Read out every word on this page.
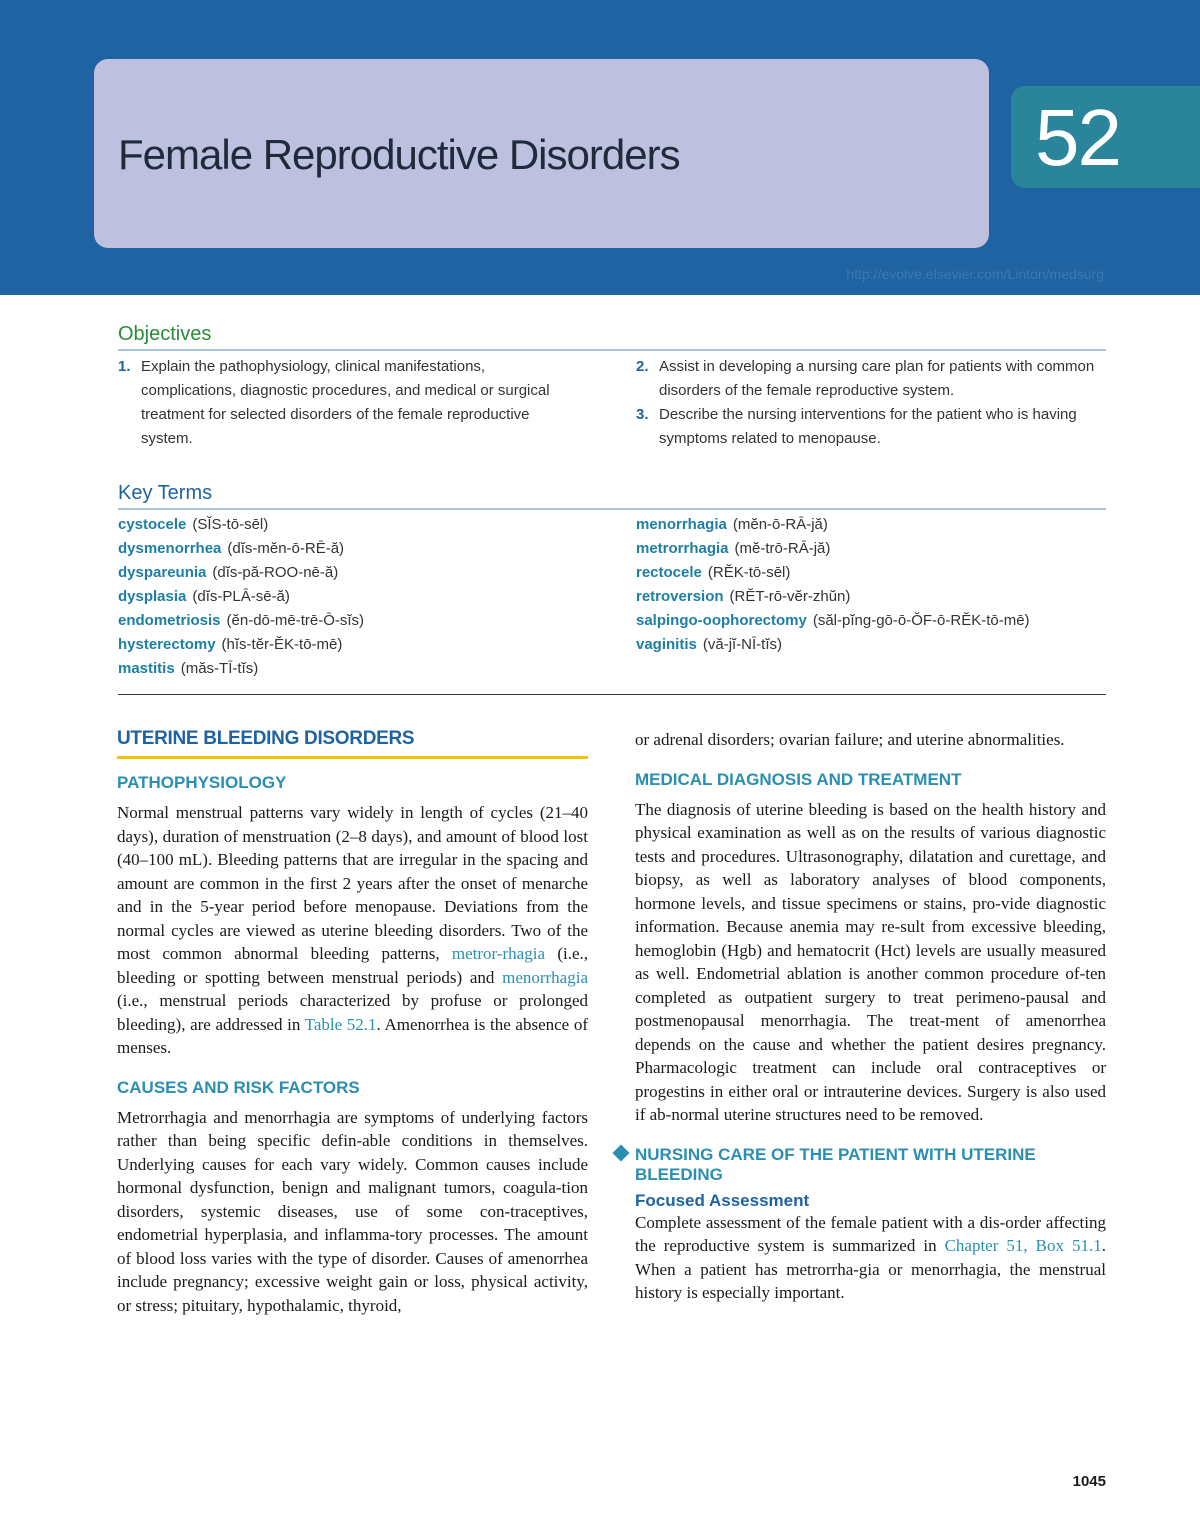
Female Reproductive Disorders	52
http://evolve.elsevier.com/Linton/medsurg
Objectives
1. Explain the pathophysiology, clinical manifestations, complications, diagnostic procedures, and medical or surgical treatment for selected disorders of the female reproductive system.
2. Assist in developing a nursing care plan for patients with common disorders of the female reproductive system.
3. Describe the nursing interventions for the patient who is having symptoms related to menopause.
Key Terms
cystocele (SĬS-tō-sēl)
dysmenorrhea (dĭs-mĕn-ō-RĒ-ă)
dyspareunia (dĭs-pă-ROO-nē-ă)
dysplasia (dĭs-PLĀ-sē-ă)
endometriosis (ĕn-dō-mē-trē-Ō-sĭs)
hysterectomy (hĭs-tĕr-ĔK-tō-mē)
mastitis (măs-TĪ-tĭs)
menorrhagia (mĕn-ō-RĀ-jă)
metrorrhagia (mĕ-trō-RĀ-jă)
rectocele (RĔK-tō-sēl)
retroversion (RĔT-rō-vĕr-zhŭn)
salpingo-oophorectomy (săl-pĭng-gō-ō-ŎF-ō-RĔK-tō-mē)
vaginitis (vă-jĭ-NĪ-tĭs)
UTERINE BLEEDING DISORDERS
PATHOPHYSIOLOGY
Normal menstrual patterns vary widely in length of cycles (21–40 days), duration of menstruation (2–8 days), and amount of blood lost (40–100 mL). Bleeding patterns that are irregular in the spacing and amount are common in the first 2 years after the onset of menarche and in the 5-year period before menopause. Deviations from the normal cycles are viewed as uterine bleeding disorders. Two of the most common abnormal bleeding patterns, metror-rhagia (i.e., bleeding or spotting between menstrual periods) and menorrhagia (i.e., menstrual periods characterized by profuse or prolonged bleeding), are addressed in Table 52.1. Amenorrhea is the absence of menses.
CAUSES AND RISK FACTORS
Metrorrhagia and menorrhagia are symptoms of underlying factors rather than being specific defin-able conditions in themselves. Underlying causes for each vary widely. Common causes include hormonal dysfunction, benign and malignant tumors, coagula-tion disorders, systemic diseases, use of some con-traceptives, endometrial hyperplasia, and inflamma-tory processes. The amount of blood loss varies with the type of disorder. Causes of amenorrhea include pregnancy; excessive weight gain or loss, physical activity, or stress; pituitary, hypothalamic, thyroid,
or adrenal disorders; ovarian failure; and uterine abnormalities.
MEDICAL DIAGNOSIS AND TREATMENT
The diagnosis of uterine bleeding is based on the health history and physical examination as well as on the results of various diagnostic tests and procedures. Ultrasonography, dilatation and curettage, and biopsy, as well as laboratory analyses of blood components, hormone levels, and tissue specimens or stains, pro-vide diagnostic information. Because anemia may re-sult from excessive bleeding, hemoglobin (Hgb) and hematocrit (Hct) levels are usually measured as well. Endometrial ablation is another common procedure of-ten completed as outpatient surgery to treat perimeno-pausal and postmenopausal menorrhagia. The treat-ment of amenorrhea depends on the cause and whether the patient desires pregnancy. Pharmacologic treatment can include oral contraceptives or progestins in either oral or intrauterine devices. Surgery is also used if ab-normal uterine structures need to be removed.
NURSING CARE OF THE PATIENT WITH UTERINE BLEEDING
Focused Assessment
Complete assessment of the female patient with a dis-order affecting the reproductive system is summarized in Chapter 51, Box 51.1. When a patient has metrorrha-gia or menorrhagia, the menstrual history is especially important.
1045
